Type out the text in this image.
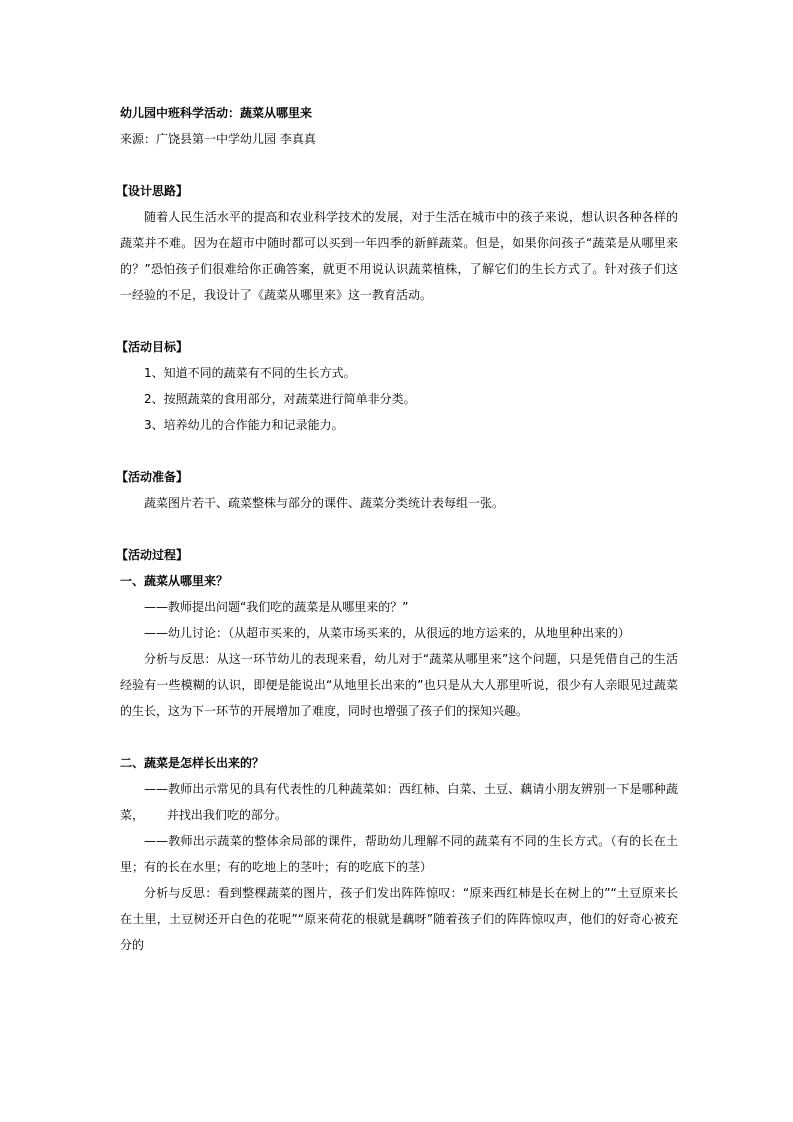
幼儿园中班科学活动：蔬菜从哪里来

来源：广饶县第一中学幼儿园 李真真

【设计思路】

随着人民生活水平的提高和农业科学技术的发展，对于生活在城市中的孩子来说，想认识各种各样的蔬菜并不难。因为在超市中随时都可以买到一年四季的新鲜蔬菜。但是，如果你问孩子“蔬菜是从哪里来的？”恐怕孩子们很难给你正确答案，就更不用说认识蔬菜植株，了解它们的生长方式了。针对孩子们这一经验的不足，我设计了《蔬菜从哪里来》这一教育活动。

【活动目标】

1、知道不同的蔬菜有不同的生长方式。

2、按照蔬菜的食用部分，对蔬菜进行简单非分类。

3、培养幼儿的合作能力和记录能力。

【活动准备】

蔬菜图片若干、疏菜整株与部分的课件、蔬菜分类统计表每组一张。

【活动过程】

一、蔬菜从哪里来？

——教师提出问题“我们吃的蔬菜是从哪里来的？”

——幼儿讨论：（从超市买来的，从菜市场买来的，从很远的地方运来的，从地里种出来的）

分析与反思：从这一环节幼儿的表现来看，幼儿对于“蔬菜从哪里来”这个问题，只是凭借自己的生活经验有一些模糊的认识，即便是能说出“从地里长出来的”也只是从大人那里听说，很少有人亲眼见过蔬菜的生长，这为下一环节的开展增加了难度，同时也增强了孩子们的探知兴趣。

二、蔬菜是怎样长出来的？

——教师出示常见的具有代表性的几种蔬菜如：西红柿、白菜、土豆、藕请小朋友辨别一下是哪种蔬菜，      并找出我们吃的部分。

——教师出示蔬菜的整体余局部的课件，帮助幼儿理解不同的蔬菜有不同的生长方式。（有的长在土里；有的长在水里；有的吃地上的茎叶；有的吃底下的茎）

分析与反思：看到整棵蔬菜的图片，孩子们发出阵阵惊叹：“原来西红柿是长在树上的”“土豆原来长在土里，土豆树还开白色的花呢”“原来荷花的根就是藕呀”随着孩子们的阵阵惊叹声，他们的好奇心被充分的
